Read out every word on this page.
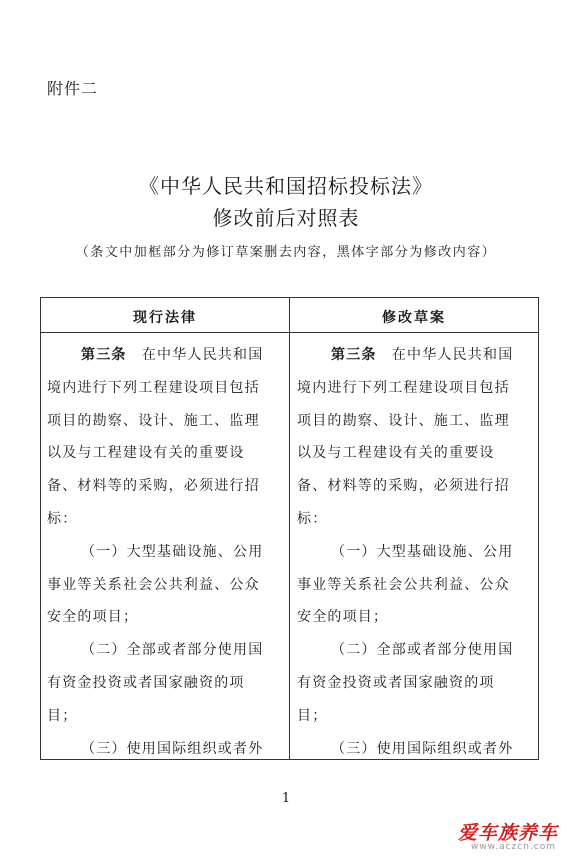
附件二
《中华人民共和国招标投标法》
修改前后对照表
（条文中加框部分为修订草案删去内容，黑体字部分为修改内容）
现行法律	修改草案
第三条　 在中华人民共和国
境内进行下列工程建设项目包括
项目的勘察、设计、施工、监理
以及与工程建设有关的重要设
备、材料等的采购，必须进行招
标：
（一）大型基础设施、公用
事业等关系社会公共利益、公众
安全的项目；
（二）全部或者部分使用国
有资金投资或者国家融资的项
目；
（三）使用国际组织或者外
第三条　 在中华人民共和国
境内进行下列工程建设项目包括
项目的勘察、设计、施工、监理
以及与工程建设有关的重要设
备、材料等的采购，必须进行招
标：
（一）大型基础设施、公用
事业等关系社会公共利益、公众
安全的项目；
（二）全部或者部分使用国
有资金投资或者国家融资的项
目；
（三）使用国际组织或者外
1
爱车族养车
www.aczcn.com
